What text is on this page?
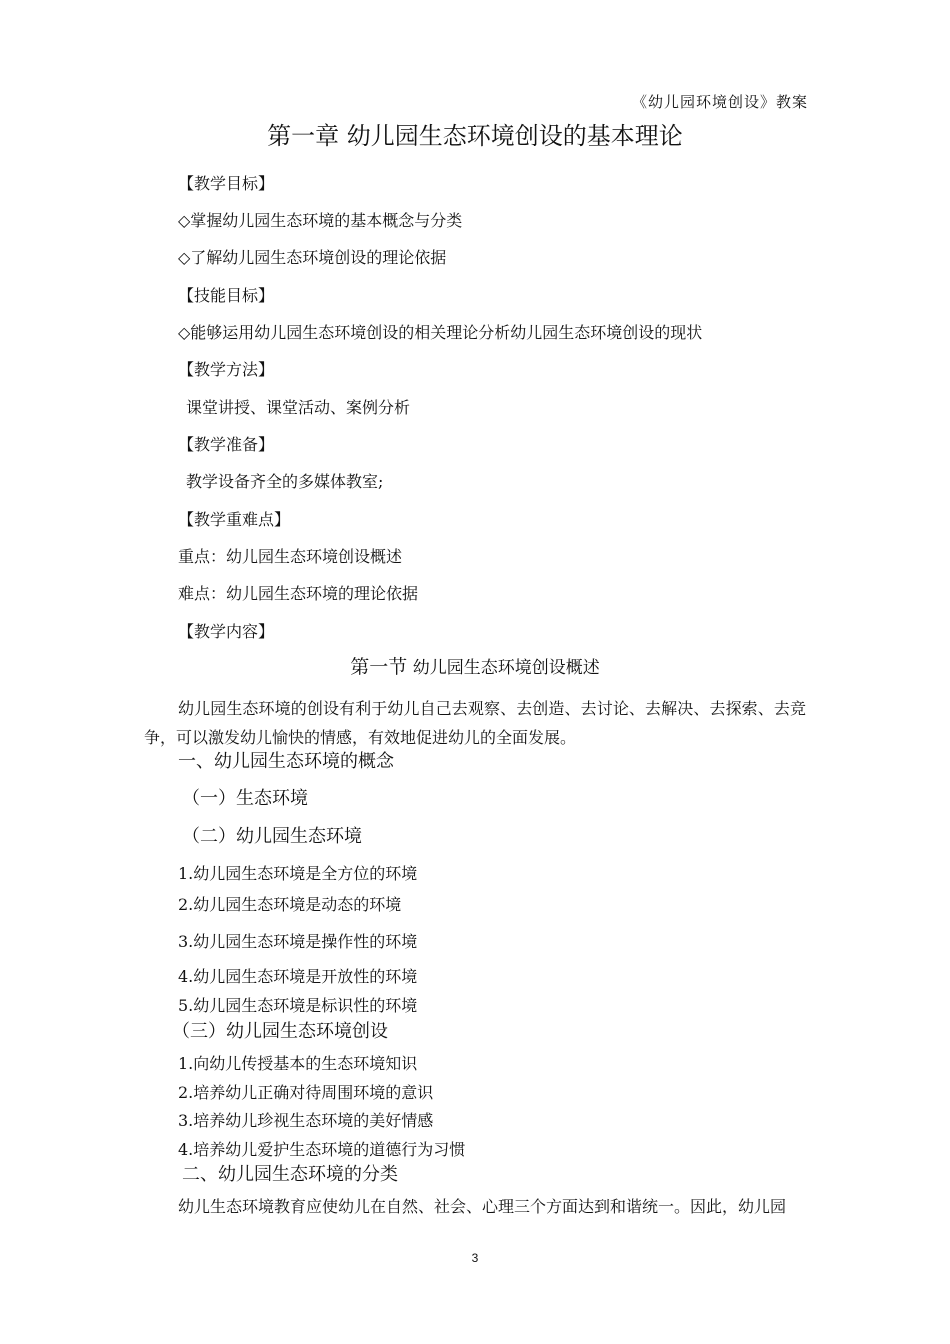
《幼儿园环境创设》教案
第一章 幼儿园生态环境创设的基本理论
【教学目标】
◇掌握幼儿园生态环境的基本概念与分类
◇了解幼儿园生态环境创设的理论依据
【技能目标】
◇能够运用幼儿园生态环境创设的相关理论分析幼儿园生态环境创设的现状
【教学方法】
课堂讲授、课堂活动、案例分析
【教学准备】
教学设备齐全的多媒体教室;
【教学重难点】
重点：幼儿园生态环境创设概述
难点：幼儿园生态环境的理论依据
【教学内容】
第一节 幼儿园生态环境创设概述
幼儿园生态环境的创设有利于幼儿自己去观察、去创造、去讨论、去解决、去探索、去竞争，可以激发幼儿愉快的情感，有效地促进幼儿的全面发展。
一、幼儿园生态环境的概念
（一）生态环境
（二）幼儿园生态环境
1.幼儿园生态环境是全方位的环境
2.幼儿园生态环境是动态的环境
3.幼儿园生态环境是操作性的环境
4.幼儿园生态环境是开放性的环境
5.幼儿园生态环境是标识性的环境
（三）幼儿园生态环境创设
1.向幼儿传授基本的生态环境知识
2.培养幼儿正确对待周围环境的意识
3.培养幼儿珍视生态环境的美好情感
4.培养幼儿爱护生态环境的道德行为习惯
二、幼儿园生态环境的分类
幼儿生态环境教育应使幼儿在自然、社会、心理三个方面达到和谐统一。因此，幼儿园
3
